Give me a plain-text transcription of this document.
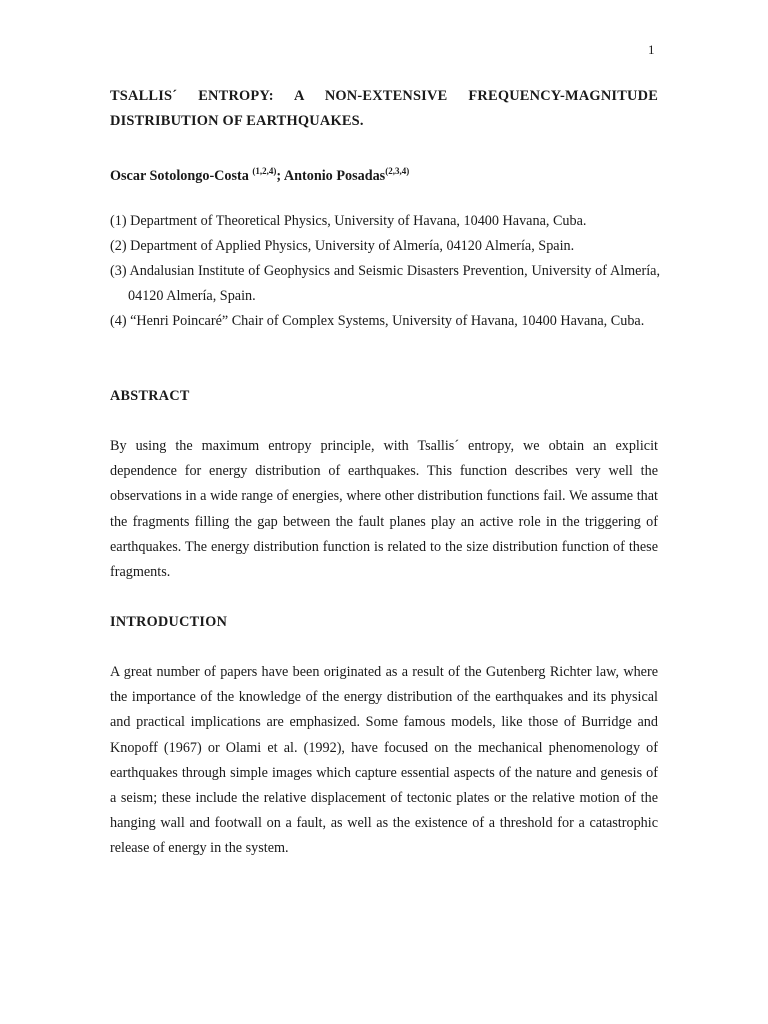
1
TSALLIS´ ENTROPY: A NON-EXTENSIVE FREQUENCY-MAGNITUDE
DISTRIBUTION OF EARTHQUAKES.
Oscar Sotolongo-Costa $^{(1,2,4)}$; Antonio Posadas$^{(2,3,4)}$
(1) Department of Theoretical Physics, University of Havana, 10400 Havana, Cuba.
(2) Department of Applied Physics, University of Almería, 04120 Almería, Spain.
(3) Andalusian Institute of Geophysics and Seismic Disasters Prevention, University of Almería, 04120 Almería, Spain.
(4) “Henri Poincaré” Chair of Complex Systems, University of Havana, 10400 Havana, Cuba.
ABSTRACT
By using the maximum entropy principle, with Tsallis´ entropy, we obtain an explicit dependence for energy distribution of earthquakes. This function describes very well the observations in a wide range of energies, where other distribution functions fail. We assume that the fragments filling the gap between the fault planes play an active role in the triggering of earthquakes. The energy distribution function is related to the size distribution function of these fragments.
INTRODUCTION
A great number of papers have been originated as a result of the Gutenberg Richter law, where the importance of the knowledge of the energy distribution of the earthquakes and its physical and practical implications are emphasized. Some famous models, like those of Burridge and Knopoff (1967) or Olami et al. (1992), have focused on the mechanical phenomenology of earthquakes through simple images which capture essential aspects of the nature and genesis of a seism; these include the relative displacement of tectonic plates or the relative motion of the hanging wall and footwall on a fault, as well as the existence of a threshold for a catastrophic release of energy in the system.
